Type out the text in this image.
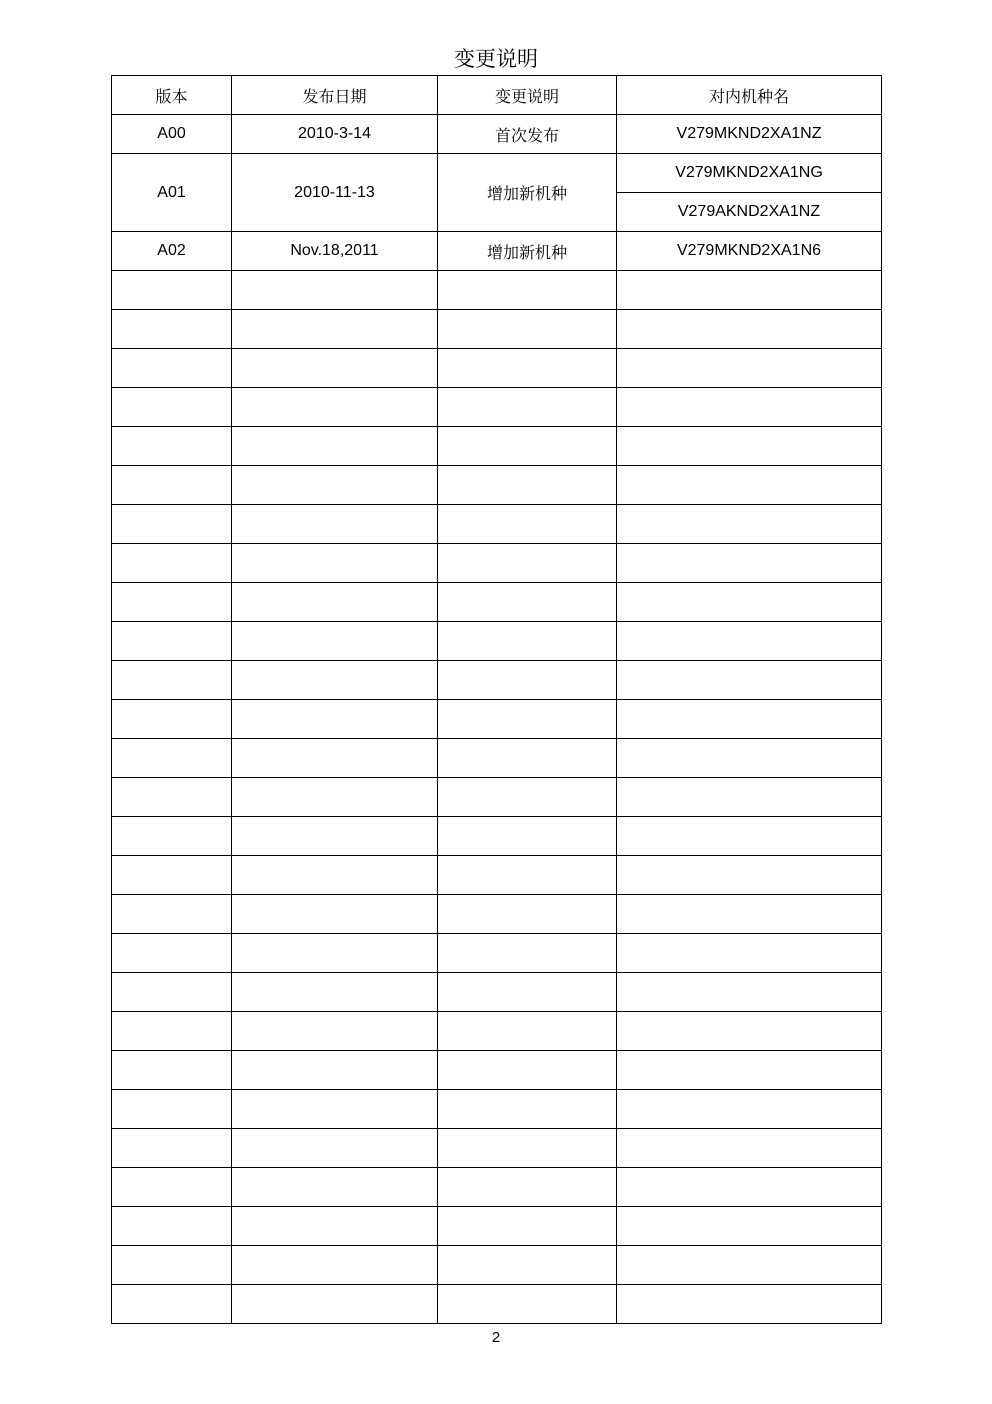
变更说明
版本	发布日期	变更说明	对内机种名
A00	2010-3-14	首次发布	V279MKND2XA1NZ
A01	2010-11-13	增加新机种	V279MKND2XA1NG
			V279AKND2XA1NZ
A02	Nov.18,2011	增加新机种	V279MKND2XA1N6

2
